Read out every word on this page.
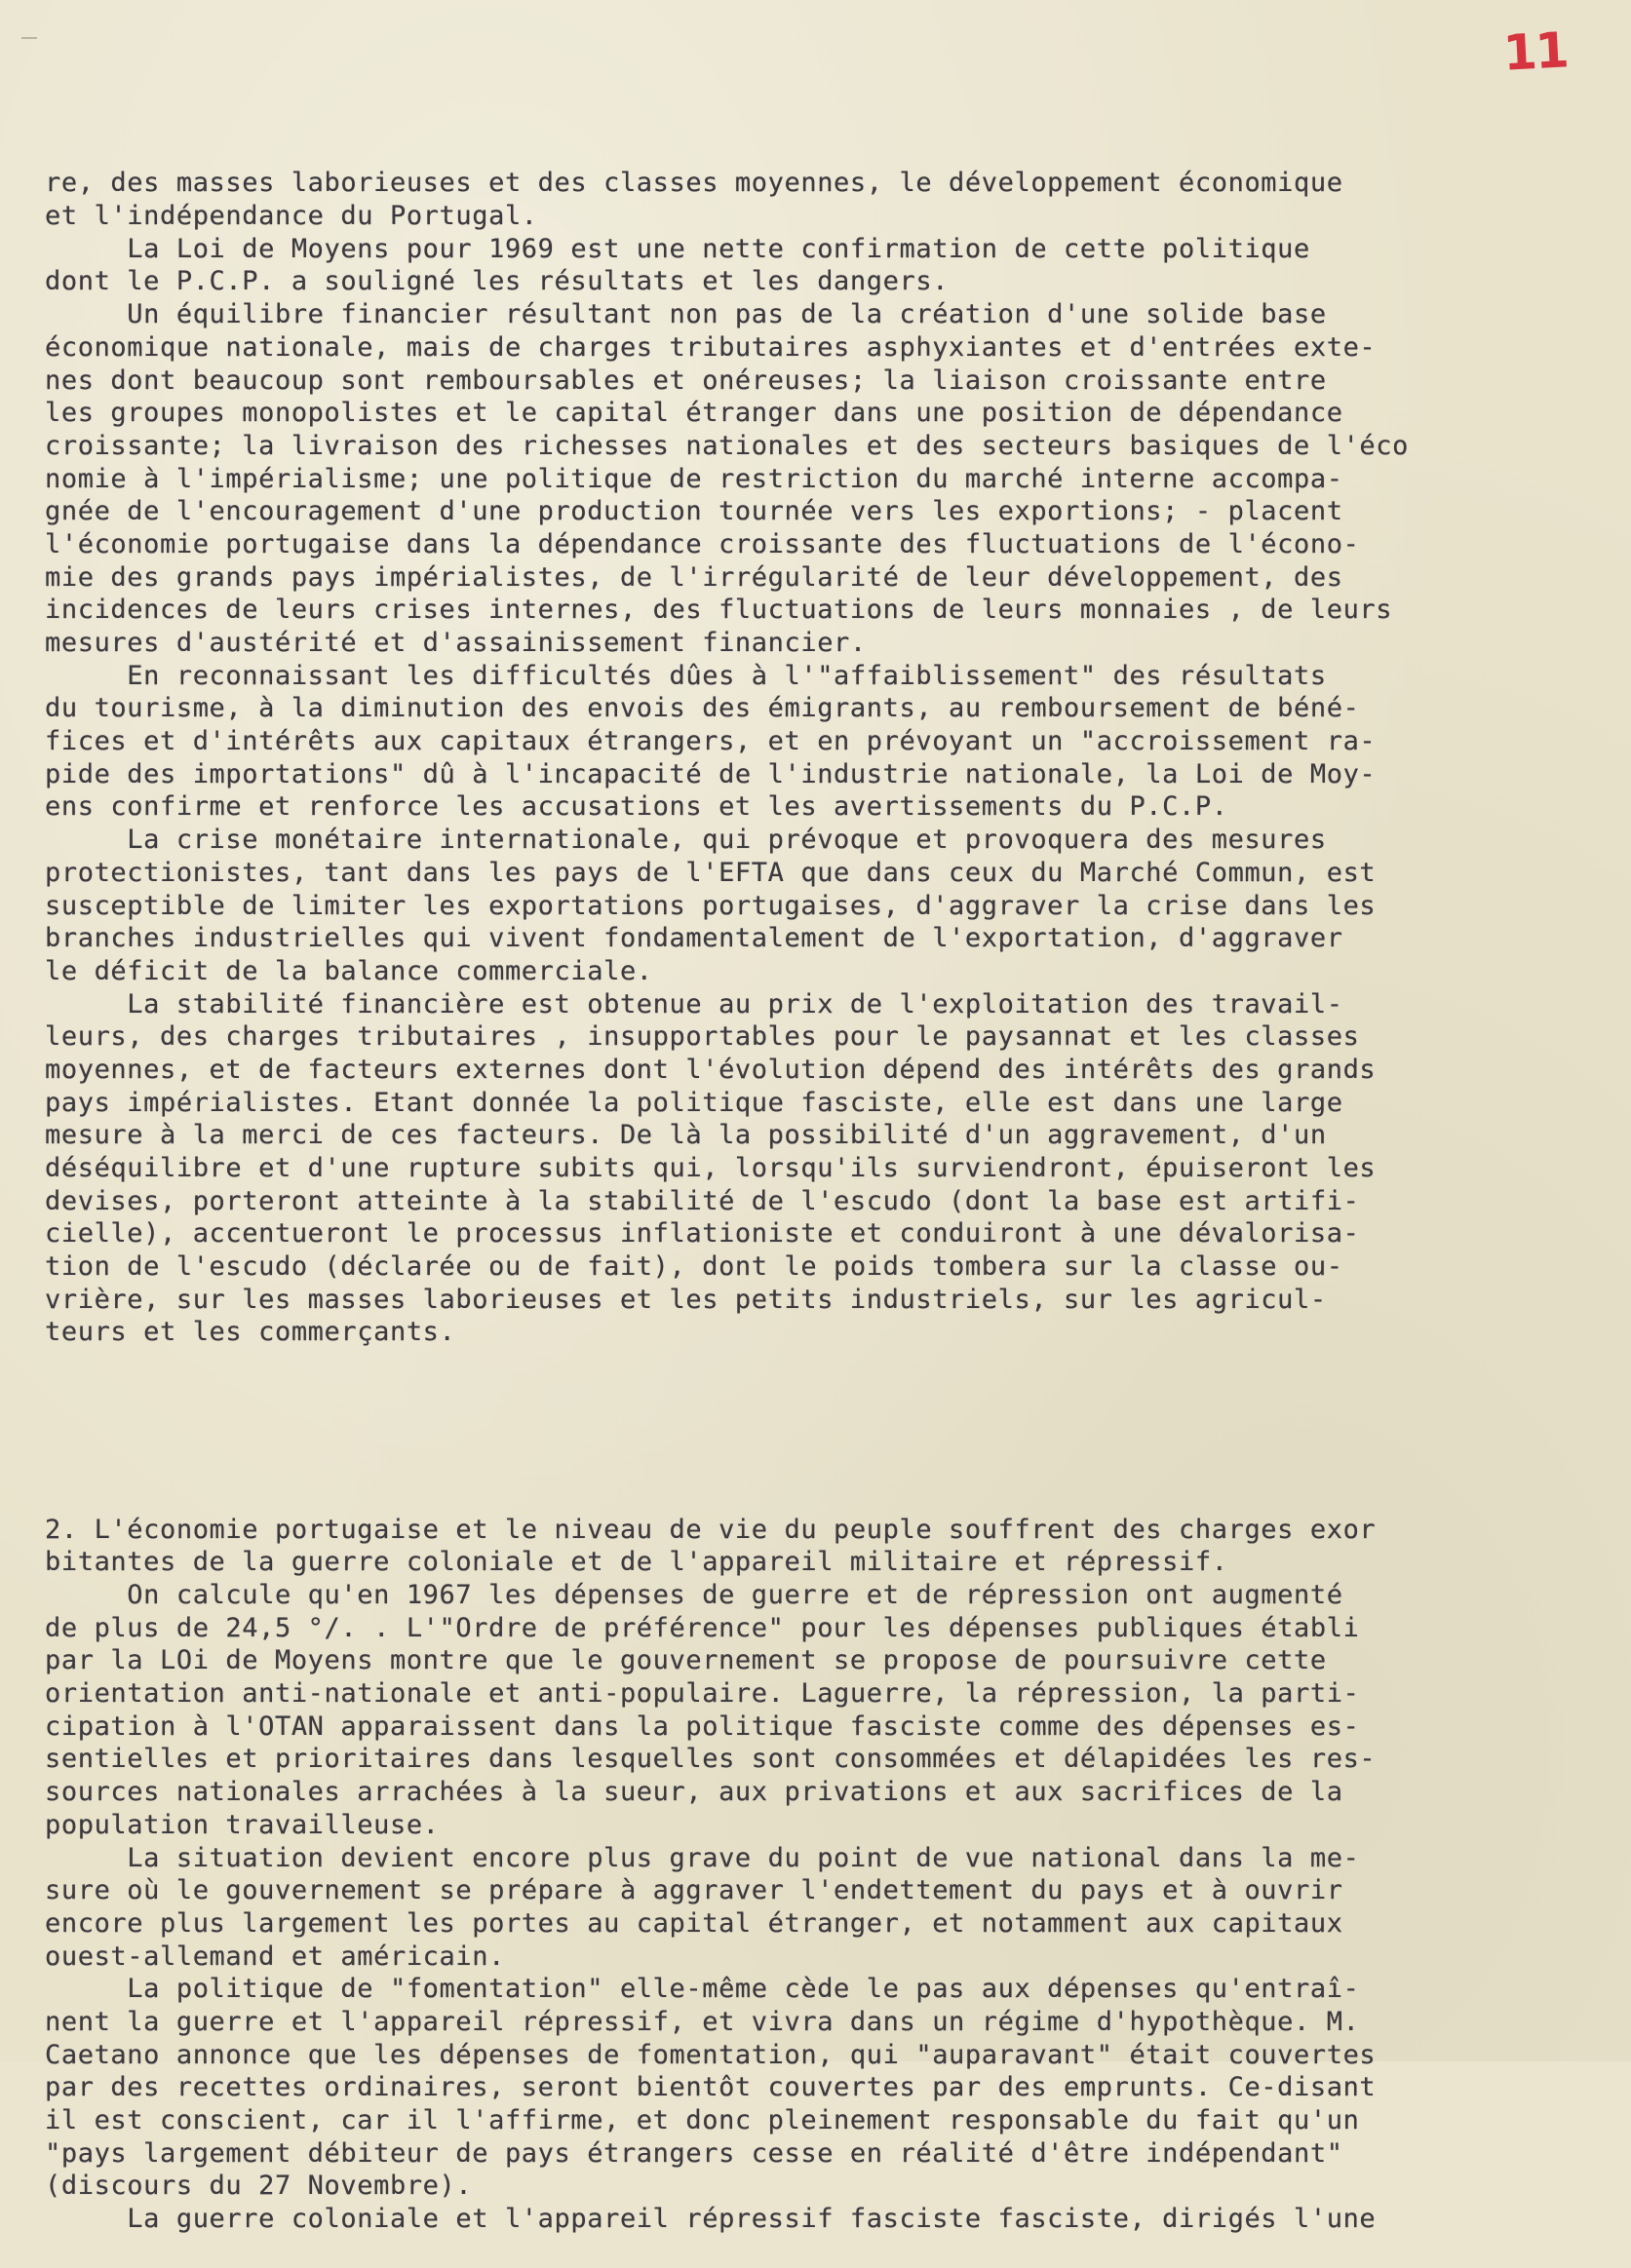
11

re, des masses laborieuses et des classes moyennes, le développement économique
et l'indépendance du Portugal.
La Loi de Moyens pour 1969 est une nette confirmation de cette politique
dont le P.C.P. a souligné les résultats et les dangers.
Un équilibre financier résultant non pas de la création d'une solide base
économique nationale, mais de charges tributaires asphyxiantes et d'entrées exte-
nes dont beaucoup sont remboursables et onéreuses; la liaison croissante entre
les groupes monopolistes et le capital étranger dans une position de dépendance
croissante; la livraison des richesses nationales et des secteurs basiques de l'éco
nomie à l'impérialisme; une politique de restriction du marché interne accompa-
gnée de l'encouragement d'une production tournée vers les exportions; - placent
l'économie portugaise dans la dépendance croissante des fluctuations de l'écono-
mie des grands pays impérialistes, de l'irrégularité de leur développement, des
incidences de leurs crises internes, des fluctuations de leurs monnaies , de leurs
mesures d'austérité et d'assainissement financier.
En reconnaissant les difficultés dûes à l'"affaiblissement" des résultats
du tourisme, à la diminution des envois des émigrants, au remboursement de béné-
fices et d'intérêts aux capitaux étrangers, et en prévoyant un "accroissement ra-
pide des importations" dû à l'incapacité de l'industrie nationale, la Loi de Moy-
ens confirme et renforce les accusations et les avertissements du P.C.P.
La crise monétaire internationale, qui prévoque et provoquera des mesures
protectionistes, tant dans les pays de l'EFTA que dans ceux du Marché Commun, est
susceptible de limiter les exportations portugaises, d'aggraver la crise dans les
branches industrielles qui vivent fondamentalement de l'exportation, d'aggraver
le déficit de la balance commerciale.
La stabilité financière est obtenue au prix de l'exploitation des travail-
leurs, des charges tributaires , insupportables pour le paysannat et les classes
moyennes, et de facteurs externes dont l'évolution dépend des intérêts des grands
pays impérialistes. Etant donnée la politique fasciste, elle est dans une large
mesure à la merci de ces facteurs. De là la possibilité d'un aggravement, d'un
déséquilibre et d'une rupture subits qui, lorsqu'ils surviendront, épuiseront les
devises, porteront atteinte à la stabilité de l'escudo (dont la base est artifi-
cielle), accentueront le processus inflationiste et conduiront à une dévalorisa-
tion de l'escudo (déclarée ou de fait), dont le poids tombera sur la classe ou-
vrière, sur les masses laborieuses et les petits industriels, sur les agricul-
teurs et les commerçants.

2. L'économie portugaise et le niveau de vie du peuple souffrent des charges exor
bitantes de la guerre coloniale et de l'appareil militaire et répressif.
On calcule qu'en 1967 les dépenses de guerre et de répression ont augmenté
de plus de 24,5 °/. . L'"Ordre de préférence" pour les dépenses publiques établi
par la LOi de Moyens montre que le gouvernement se propose de poursuivre cette
orientation anti-nationale et anti-populaire. Laguerre, la répression, la parti-
cipation à l'OTAN apparaissent dans la politique fasciste comme des dépenses es-
sentielles et prioritaires dans lesquelles sont consommées et délapidées les res-
sources nationales arrachées à la sueur, aux privations et aux sacrifices de la
population travailleuse.
La situation devient encore plus grave du point de vue national dans la me-
sure où le gouvernement se prépare à aggraver l'endettement du pays et à ouvrir
encore plus largement les portes au capital étranger, et notamment aux capitaux
ouest-allemand et américain.
La politique de "fomentation" elle-même cède le pas aux dépenses qu'entraî-
nent la guerre et l'appareil répressif, et vivra dans un régime d'hypothèque. M.
Caetano annonce que les dépenses de fomentation, qui "auparavant" était couvertes
par des recettes ordinaires, seront bientôt couvertes par des emprunts. Ce-disant
il est conscient, car il l'affirme, et donc pleinement responsable du fait qu'un
"pays largement débiteur de pays étrangers cesse en réalité d'être indépendant"
(discours du 27 Novembre).
La guerre coloniale et l'appareil répressif fasciste fasciste, dirigés l'une
